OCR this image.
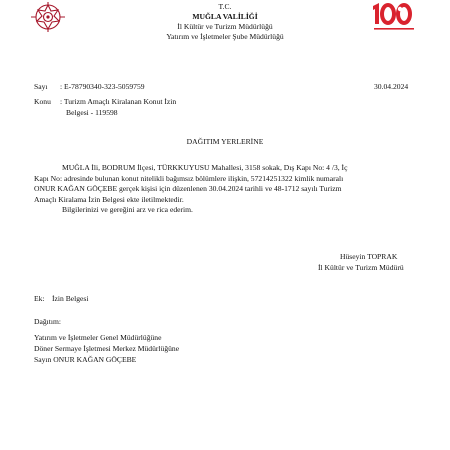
T.C.
MUĞLA VALİLİĞİ
İl Kültür ve Turizm Müdürlüğü
Yatırım ve İşletmeler Şube Müdürlüğü
Sayı : E-78790340-323-5059759	30.04.2024
Konu : Turizm Amaçlı Kiralanan Konut İzin
Belgesi - 119598
DAĞITIM YERLERİNE
MUĞLA İli, BODRUM İlçesi, TÜRKKUYUSU Mahallesi, 3158 sokak, Dış Kapı No: 4 /3, İç
Kapı No: adresinde bulunan konut nitelikli bağımsız bölümlere ilişkin, 57214251322 kimlik numaralı
ONUR KAĞAN GÖÇEBE gerçek kişisi için düzenlenen 30.04.2024 tarihli ve 48-1712 sayılı Turizm
Amaçlı Kiralama İzin Belgesi ekte iletilmektedir.
Bilgilerinizi ve gereğini arz ve rica ederim.
Hüseyin TOPRAK
İl Kültür ve Turizm Müdürü
Ek: İzin Belgesi
Dağıtım:
Yatırım ve İşletmeler Genel Müdürlüğüne
Döner Sermaye İşletmesi Merkez Müdürlüğüne
Sayın ONUR KAĞAN GÖÇEBE
